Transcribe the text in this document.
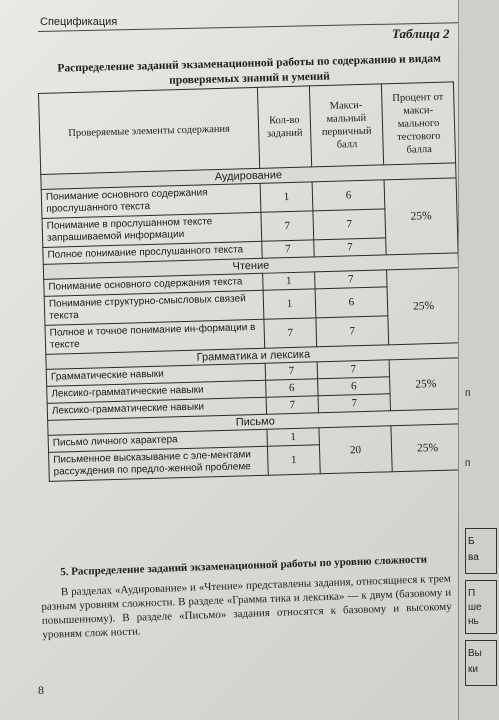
Спецификация
Таблица 2
Распределение заданий экзаменационной работы по содержанию и видам проверяемых знаний и умений
Проверяемые элементы содержания	Кол-во заданий	Макси-мальный первичный балл	Процент от макси-мального тестового балла
Аудирование			
Понимание основного содержания прослушанного текста	1	6	25%
Понимание в прослушанном тексте запрашиваемой информации	7	7	
Полное понимание прослушанного текста	7	7	
Чтение			
Понимание основного содержания текста	1	7	25%
Понимание структурно-смысловых связей текста	1	6	
Полное и точное понимание ин-формации в тексте	7	7	
Грамматика и лексика			
Грамматические навыки	7	7	25%
Лексико-грамматические навыки	6	6	
Лексико-грамматические навыки	7	7	
Письмо			
Письмо личного характера	1	20	25%
Письменное высказывание с эле-ментами рассуждения по предло-женной проблеме	1		
5. Распределение заданий экзаменационной работы по уровню сложности
В разделах «Аудирование» и «Чтение» представлены задания, относящиеся к трем разным уровням сложности. В разделе «Грамма тика и лексика» — к двум (базовому и повышенному). В разделе «Письмо» задания относятся к базовому и высокому уровням слож ности.
8
п
п
Б
ва
П
ше
нь
Вы
ки
